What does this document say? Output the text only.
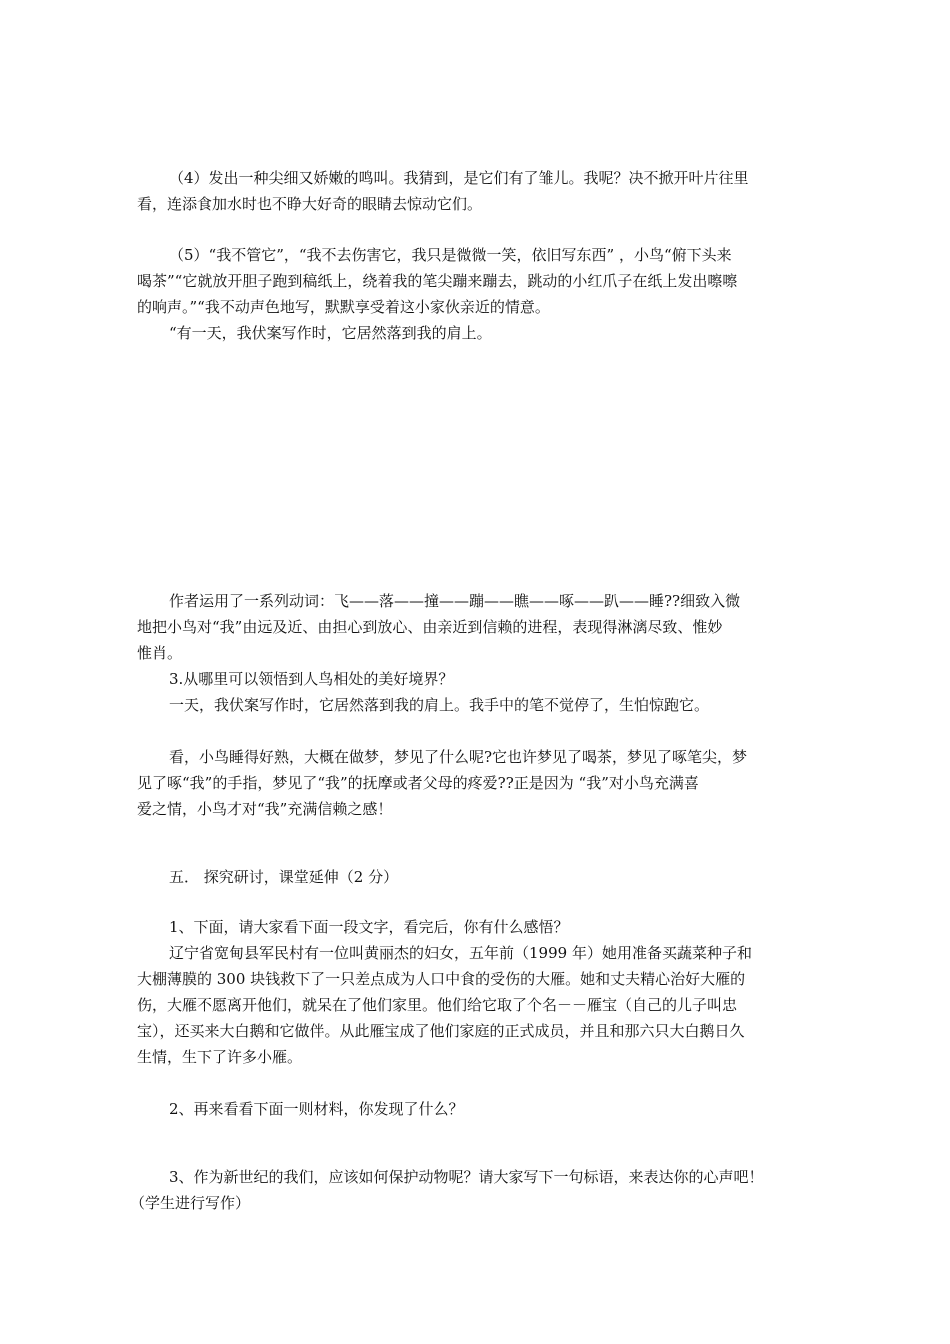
（4）发出一种尖细又娇嫩的鸣叫。我猜到，是它们有了雏儿。我呢？决不掀开叶片往里
看，连添食加水时也不睁大好奇的眼睛去惊动它们。
（5）“我不管它”，“我不去伤害它，我只是微微一笑，依旧写东西” ，小鸟“俯下头来
喝茶”“它就放开胆子跑到稿纸上，绕着我的笔尖蹦来蹦去，跳动的小红爪子在纸上发出嚓嚓
的响声。”“我不动声色地写，默默享受着这小家伙亲近的情意。
“有一天，我伏案写作时，它居然落到我的肩上。
作者运用了一系列动词：飞——落——撞——蹦——瞧——啄——趴——睡??细致入微
地把小鸟对“我”由远及近、由担心到放心、由亲近到信赖的进程，表现得淋漓尽致、惟妙
惟肖。
3.从哪里可以领悟到人鸟相处的美好境界？
一天，我伏案写作时，它居然落到我的肩上。我手中的笔不觉停了，生怕惊跑它。
看，小鸟睡得好熟，大概在做梦，梦见了什么呢?它也许梦见了喝茶，梦见了啄笔尖，梦
见了啄“我”的手指，梦见了“我”的抚摩或者父母的疼爱??正是因为 “我”对小鸟充满喜
爱之情，小鸟才对“我”充满信赖之感！
五． 探究研讨，课堂延伸（2 分）
1、下面，请大家看下面一段文字，看完后，你有什么感悟？
辽宁省宽甸县军民村有一位叫黄丽杰的妇女，五年前（1999 年）她用准备买蔬菜种子和
大棚薄膜的 300 块钱救下了一只差点成为人口中食的受伤的大雁。她和丈夫精心治好大雁的
伤，大雁不愿离开他们，就呆在了他们家里。他们给它取了个名－－雁宝（自己的儿子叫忠
宝），还买来大白鹅和它做伴。从此雁宝成了他们家庭的正式成员，并且和那六只大白鹅日久
生情，生下了许多小雁。
2、再来看看下面一则材料，你发现了什么？
3、作为新世纪的我们，应该如何保护动物呢？请大家写下一句标语，来表达你的心声吧！
（学生进行写作）
